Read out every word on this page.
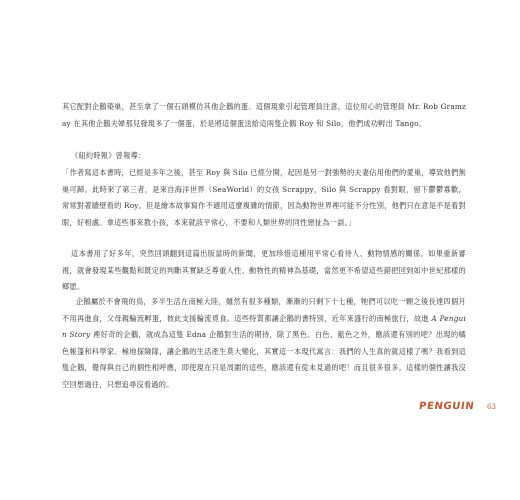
其它配對企鵝築巢，甚至拿了一個石頭模仿其他企鵝的蛋。這個現象引起管理員注意，這位用心的管理員 Mr. Rob Gramzay 在其他企鵝夫婦那兒發現多了一個蛋，於是將這個蛋送給這兩隻企鵝 Roy 和 Silo，他們成功孵出 Tango。
《紐約時報》曾報導：
「作者寫這本書時，已經是多年之後，甚至 Roy 與 Silo 已經分開，起因是另一對強勢的夫妻佔用他們的愛巢，導致他們無巢可歸。此時來了第三者，是來自海洋世界（SeaWorld）的女孩 Scrappy，Silo 與 Scrappy 看對眼，留下鬱鬱寡歡，常常對著牆壁看的 Roy。但是繪本故事寫作不適用這麼複雜的情節，因為動物世界裡可能不分性別，他們只在意是不是看對眼，好相處。拿這些事來教小孩，本來就該平常心，不要和人類世界的同性戀扯為一談。」
這本書用了好多年，突然回頭翻到這篇出版當時的新聞，更加珍惜這種用平常心看待人、動物情感的關係。如果重新審視，就會發現某些觀點和既定的判斷其實缺乏尊重人性、動物性的精神為基礎，當然更不希望這些錯把回到如中世紀那樣的鄉愿。
企鵝屬於不會飛的鳥，多半生活在南極大陸，雖然有很多種類，漸漸的只剩下十七種，牠們可以吃一顆之後長達四個月不用再進食，父母親輪流孵蛋，彼此支援輪流覓食。這些特質都讓企鵝的書特別，近年來盛行的南極旅行，故進 A Penguin Story 裡好奇的企鵝，就成為這隻 Edna 企鵝對生活的期待，除了黑色、白色、藍色之外，應該還有別的吧？出現的橘色帳篷和科學家、極地探險隊，讓企鵝的生活產生莫大變化，其實這一本現代寓言：我們的人生真的就這樣了嗎？我看到這隻企鵝，覺得與自己的個性相呼應，即使現在只是周圍的這些，應該還有從未見過的吧！而且很多很多。這樣的個性讓我沒空回想過往，只想追尋沒看過的。
PENGUIN 63
